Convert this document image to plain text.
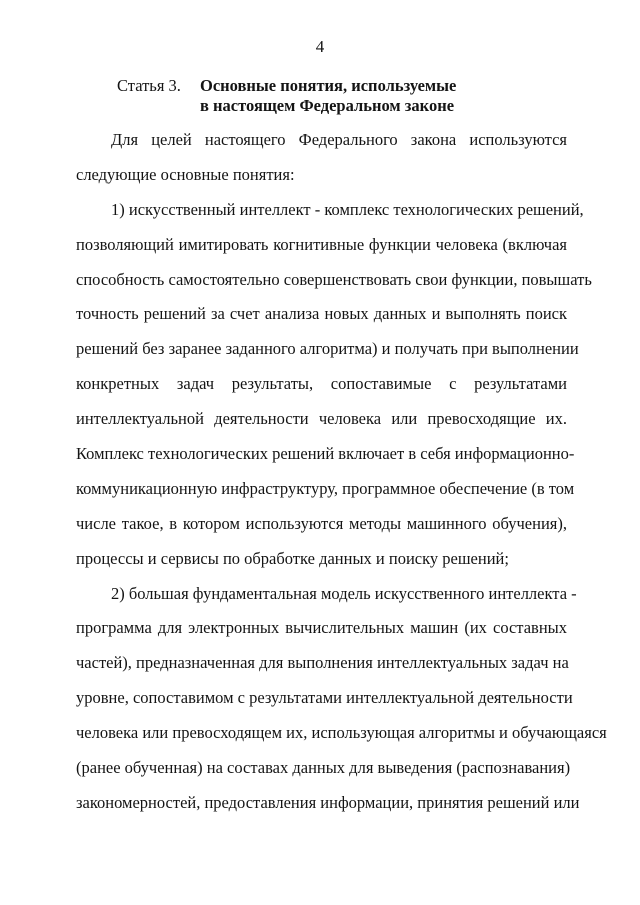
4
Статья 3. Основные понятия, используемые
в настоящем Федеральном законе
Для целей настоящего Федерального закона используются
следующие основные понятия:
1) искусственный интеллект - комплекс технологических решений,
позволяющий имитировать когнитивные функции человека (включая
способность самостоятельно совершенствовать свои функции, повышать
точность решений за счет анализа новых данных и выполнять поиск
решений без заранее заданного алгоритма) и получать при выполнении
конкретных задач результаты, сопоставимые с результатами
интеллектуальной деятельности человека или превосходящие их.
Комплекс технологических решений включает в себя информационно-
коммуникационную инфраструктуру, программное обеспечение (в том
числе такое, в котором используются методы машинного обучения),
процессы и сервисы по обработке данных и поиску решений;
2) большая фундаментальная модель искусственного интеллекта -
программа для электронных вычислительных машин (их составных
частей), предназначенная для выполнения интеллектуальных задач на
уровне, сопоставимом с результатами интеллектуальной деятельности
человека или превосходящем их, использующая алгоритмы и обучающаяся
(ранее обученная) на составах данных для выведения (распознавания)
закономерностей, предоставления информации, принятия решений или
